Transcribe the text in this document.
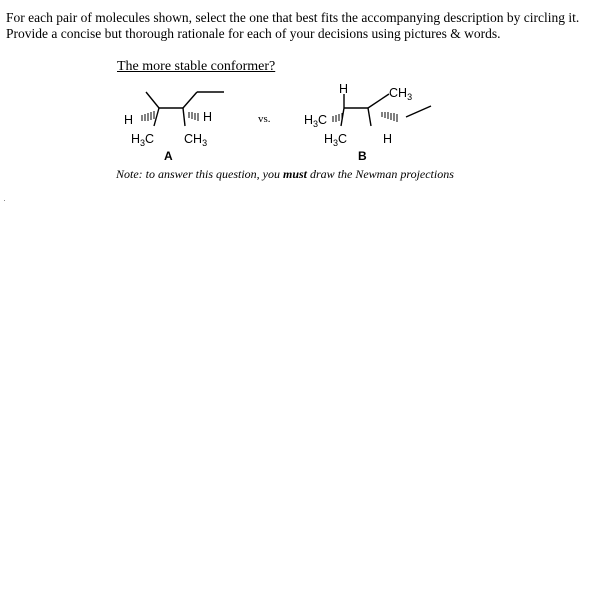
For each pair of molecules shown, select the one that best fits the accompanying description by circling it. Provide a concise but thorough rationale for each of your decisions using pictures & words.
The more stable conformer?
H	H
$H_3C$ $CH_3$
A
vs.
H	$CH_3$
$H_3C$
$H_3C$	H
B
Note: to answer this question, you must draw the Newman projections
